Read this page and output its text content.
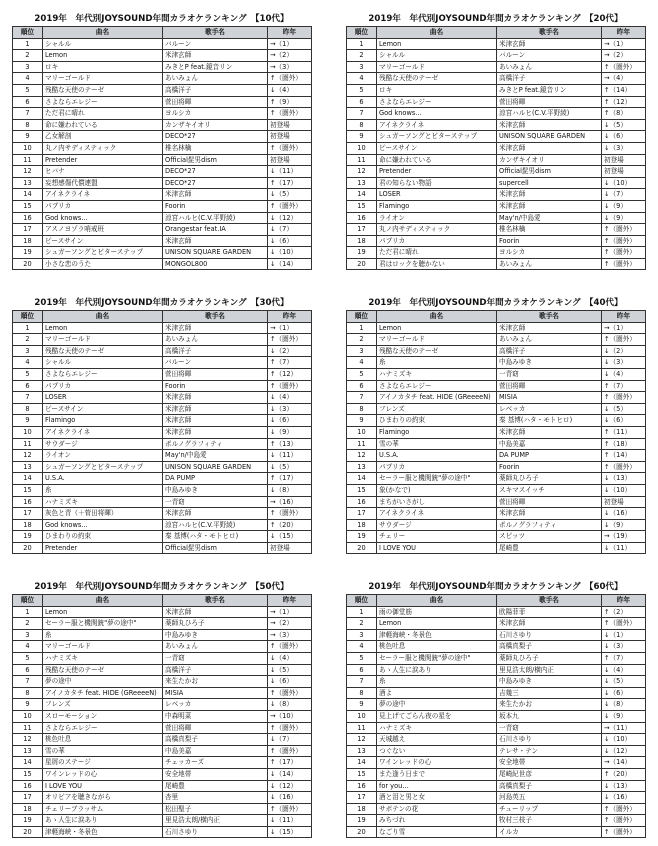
2019年　年代別JOYSOUND年間カラオケランキング　【10代】
順位	曲名	歌手名	昨年
1	シャルル	バルーン	→（1）
2	Lemon	米津玄師	→（2）
3	ロキ	みきとP feat.鏡音リン	→（3）
4	マリーゴールド	あいみょん	↑（圏外）
5	残酷な天使のテーゼ	高橋洋子	↓（4）
6	さよならエレジー	菅田将暉	↑（9）
7	ただ君に晴れ	ヨルシカ	↑（圏外）
8	命に嫌われている	カンザキイオリ	初登場
9	乙女解剖	DECO*27	初登場
10	丸ノ内サディスティック	椎名林檎	↑（圏外）
11	Pretender	Official髭男dism	初登場
12	ヒバナ	DECO*27	↓（11）
13	妄想感傷代償連盟	DECO*27	↑（17）
14	アイネクライネ	米津玄師	↓（5）
15	パプリカ	Foorin	↑（圏外）
16	God knows...	涼宮ハルヒ(C.V.平野綾)	↓（12）
17	アスノヨゾラ哨戒班	Orangestar feat.IA	↓（7）
18	ピースサイン	米津玄師	↓（6）
19	シュガーソングとビターステップ	UNISON SQUARE GARDEN	↓（10）
20	小さな恋のうた	MONGOL800	↓（14）
2019年　年代別JOYSOUND年間カラオケランキング　【20代】
順位	曲名	歌手名	昨年
1	Lemon	米津玄師	→（1）
2	シャルル	バルーン	→（2）
3	マリーゴールド	あいみょん	↑（圏外）
4	残酷な天使のテーゼ	高橋洋子	→（4）
5	ロキ	みきとP feat.鏡音リン	↑（14）
6	さよならエレジー	菅田将暉	↑（12）
7	God knows...	涼宮ハルヒ(C.V.平野綾)	↑（8）
8	アイネクライネ	米津玄師	↓（5）
9	シュガーソングとビターステップ	UNISON SQUARE GARDEN	↓（6）
10	ピースサイン	米津玄師	↓（3）
11	命に嫌われている	カンザキイオリ	初登場
12	Pretender	Official髭男dism	初登場
13	君の知らない物語	supercell	↓（10）
14	LOSER	米津玄師	↓（7）
15	Flamingo	米津玄師	↓（9）
16	ライオン	May'n/中島愛	↓（9）
17	丸ノ内サディスティック	椎名林檎	↑（圏外）
18	パプリカ	Foorin	↑（圏外）
19	ただ君に晴れ	ヨルシカ	↑（圏外）
20	君はロックを聴かない	あいみょん	↑（圏外）
2019年　年代別JOYSOUND年間カラオケランキング　【30代】
順位	曲名	歌手名	昨年
1	Lemon	米津玄師	→（1）
2	マリーゴールド	あいみょん	↑（圏外）
3	残酷な天使のテーゼ	高橋洋子	↓（2）
4	シャルル	バルーン	↑（7）
5	さよならエレジー	菅田将暉	↑（12）
6	パプリカ	Foorin	↑（圏外）
7	LOSER	米津玄師	↓（4）
8	ピースサイン	米津玄師	↓（3）
9	Flamingo	米津玄師	↓（6）
10	アイネクライネ	米津玄師	↓（9）
11	サウダージ	ポルノグラフィティ	↑（13）
12	ライオン	May'n/中島愛	↓（11）
13	シュガーソングとビターステップ	UNISON SQUARE GARDEN	↓（5）
14	U.S.A.	DA PUMP	↑（17）
15	糸	中島みゆき	↓（8）
16	ハナミズキ	一青窈	→（16）
17	灰色と青（＋菅田将暉）	米津玄師	↑（圏外）
18	God knows...	涼宮ハルヒ(C.V.平野綾)	↑（20）
19	ひまわりの約束	秦 基博(ハタ・モトヒロ)	↓（15）
20	Pretender	Official髭男dism	初登場
2019年　年代別JOYSOUND年間カラオケランキング　【40代】
順位	曲名	歌手名	昨年
1	Lemon	米津玄師	→（1）
2	マリーゴールド	あいみょん	↑（圏外）
3	残酷な天使のテーゼ	高橋洋子	↓（2）
4	糸	中島みゆき	↓（3）
5	ハナミズキ	一青窈	↓（4）
6	さよならエレジー	菅田将暉	↑（7）
7	アイノカタチ feat. HIDE (GReeeeN)	MISIA	↑（圏外）
8	フレンズ	レベッカ	↓（5）
9	ひまわりの約束	秦 基博(ハタ・モトヒロ)	↓（6）
10	Flamingo	米津玄師	↑（11）
11	雪の華	中島美嘉	↑（18）
12	U.S.A.	DA PUMP	↑（14）
13	パプリカ	Foorin	↑（圏外）
14	セーラー服と機関銃"夢の途中"	薬師丸ひろ子	↓（13）
15	象(かなで)	スキマスイッチ	↓（10）
16	まちがいさがし	菅田将暉	初登場
17	アイネクライネ	米津玄師	↓（16）
18	サウダージ	ポルノグラフィティ	↓（9）
19	チェリー	スピッツ	→（19）
20	I LOVE YOU	尾崎豊	↓（11）
2019年　年代別JOYSOUND年間カラオケランキング　【50代】
順位	曲名	歌手名	昨年
1	Lemon	米津玄師	→（1）
2	セーラー服と機関銃"夢の途中"	薬師丸ひろ子	→（2）
3	糸	中島みゆき	→（3）
4	マリーゴールド	あいみょん	↑（圏外）
5	ハナミズキ	一青窈	↓（4）
6	残酷な天使のテーゼ	高橋洋子	↓（5）
7	夢の途中	来生たかお	↓（6）
8	アイノカタチ feat. HIDE (GReeeeN)	MISIA	↑（圏外）
9	フレンズ	レベッカ	↓（8）
10	スローモーション	中森明菜	→（10）
11	さよならエレジー	菅田将暉	↑（圏外）
12	桃色吐息	高橋真梨子	↓（7）
13	雪の華	中島美嘉	↑（圏外）
14	星屑のステージ	チェッカーズ	↑（17）
15	ワインレッドの心	安全地帯	↓（14）
16	I LOVE YOU	尾崎豊	↓（12）
17	オリビアを聴きながら	杏里	↓（16）
18	チェリーブラッサム	松田聖子	↑（圏外）
19	あゝ人生に涙あり	里見浩太朗/横内正	↓（11）
20	津軽海峡・冬景色	石川さゆり	↓（15）
2019年　年代別JOYSOUND年間カラオケランキング　【60代】
順位	曲名	歌手名	昨年
1	雨の御堂筋	欧陽菲菲	↑（2）
2	Lemon	米津玄師	↑（圏外）
3	津軽海峡・冬景色	石川さゆり	↓（1）
4	桃色吐息	高橋真梨子	↓（3）
5	セーラー服と機関銃"夢の途中"	薬師丸ひろ子	↑（7）
6	あゝ人生に涙あり	里見浩太朗/横内正	↓（4）
7	糸	中島みゆき	↓（5）
8	酒よ	吉幾三	↓（6）
9	夢の途中	来生たかお	↓（8）
10	見上げてごらん夜の星を	坂本九	↓（9）
11	ハナミズキ	一青窈	→（11）
12	天城越え	石川さゆり	↓（10）
13	つぐない	テレサ・テン	↓（12）
14	ワインレッドの心	安全地帯	→（14）
15	また逢う日まで	尾崎紀世彦	↑（20）
16	for you…	高橋真梨子	↓（13）
17	酒と泪と男と女	河島英五	↓（16）
18	サボテンの花	チューリップ	↑（圏外）
19	みちづれ	牧村三枝子	↑（圏外）
20	なごり雪	イルカ	↑（圏外）
